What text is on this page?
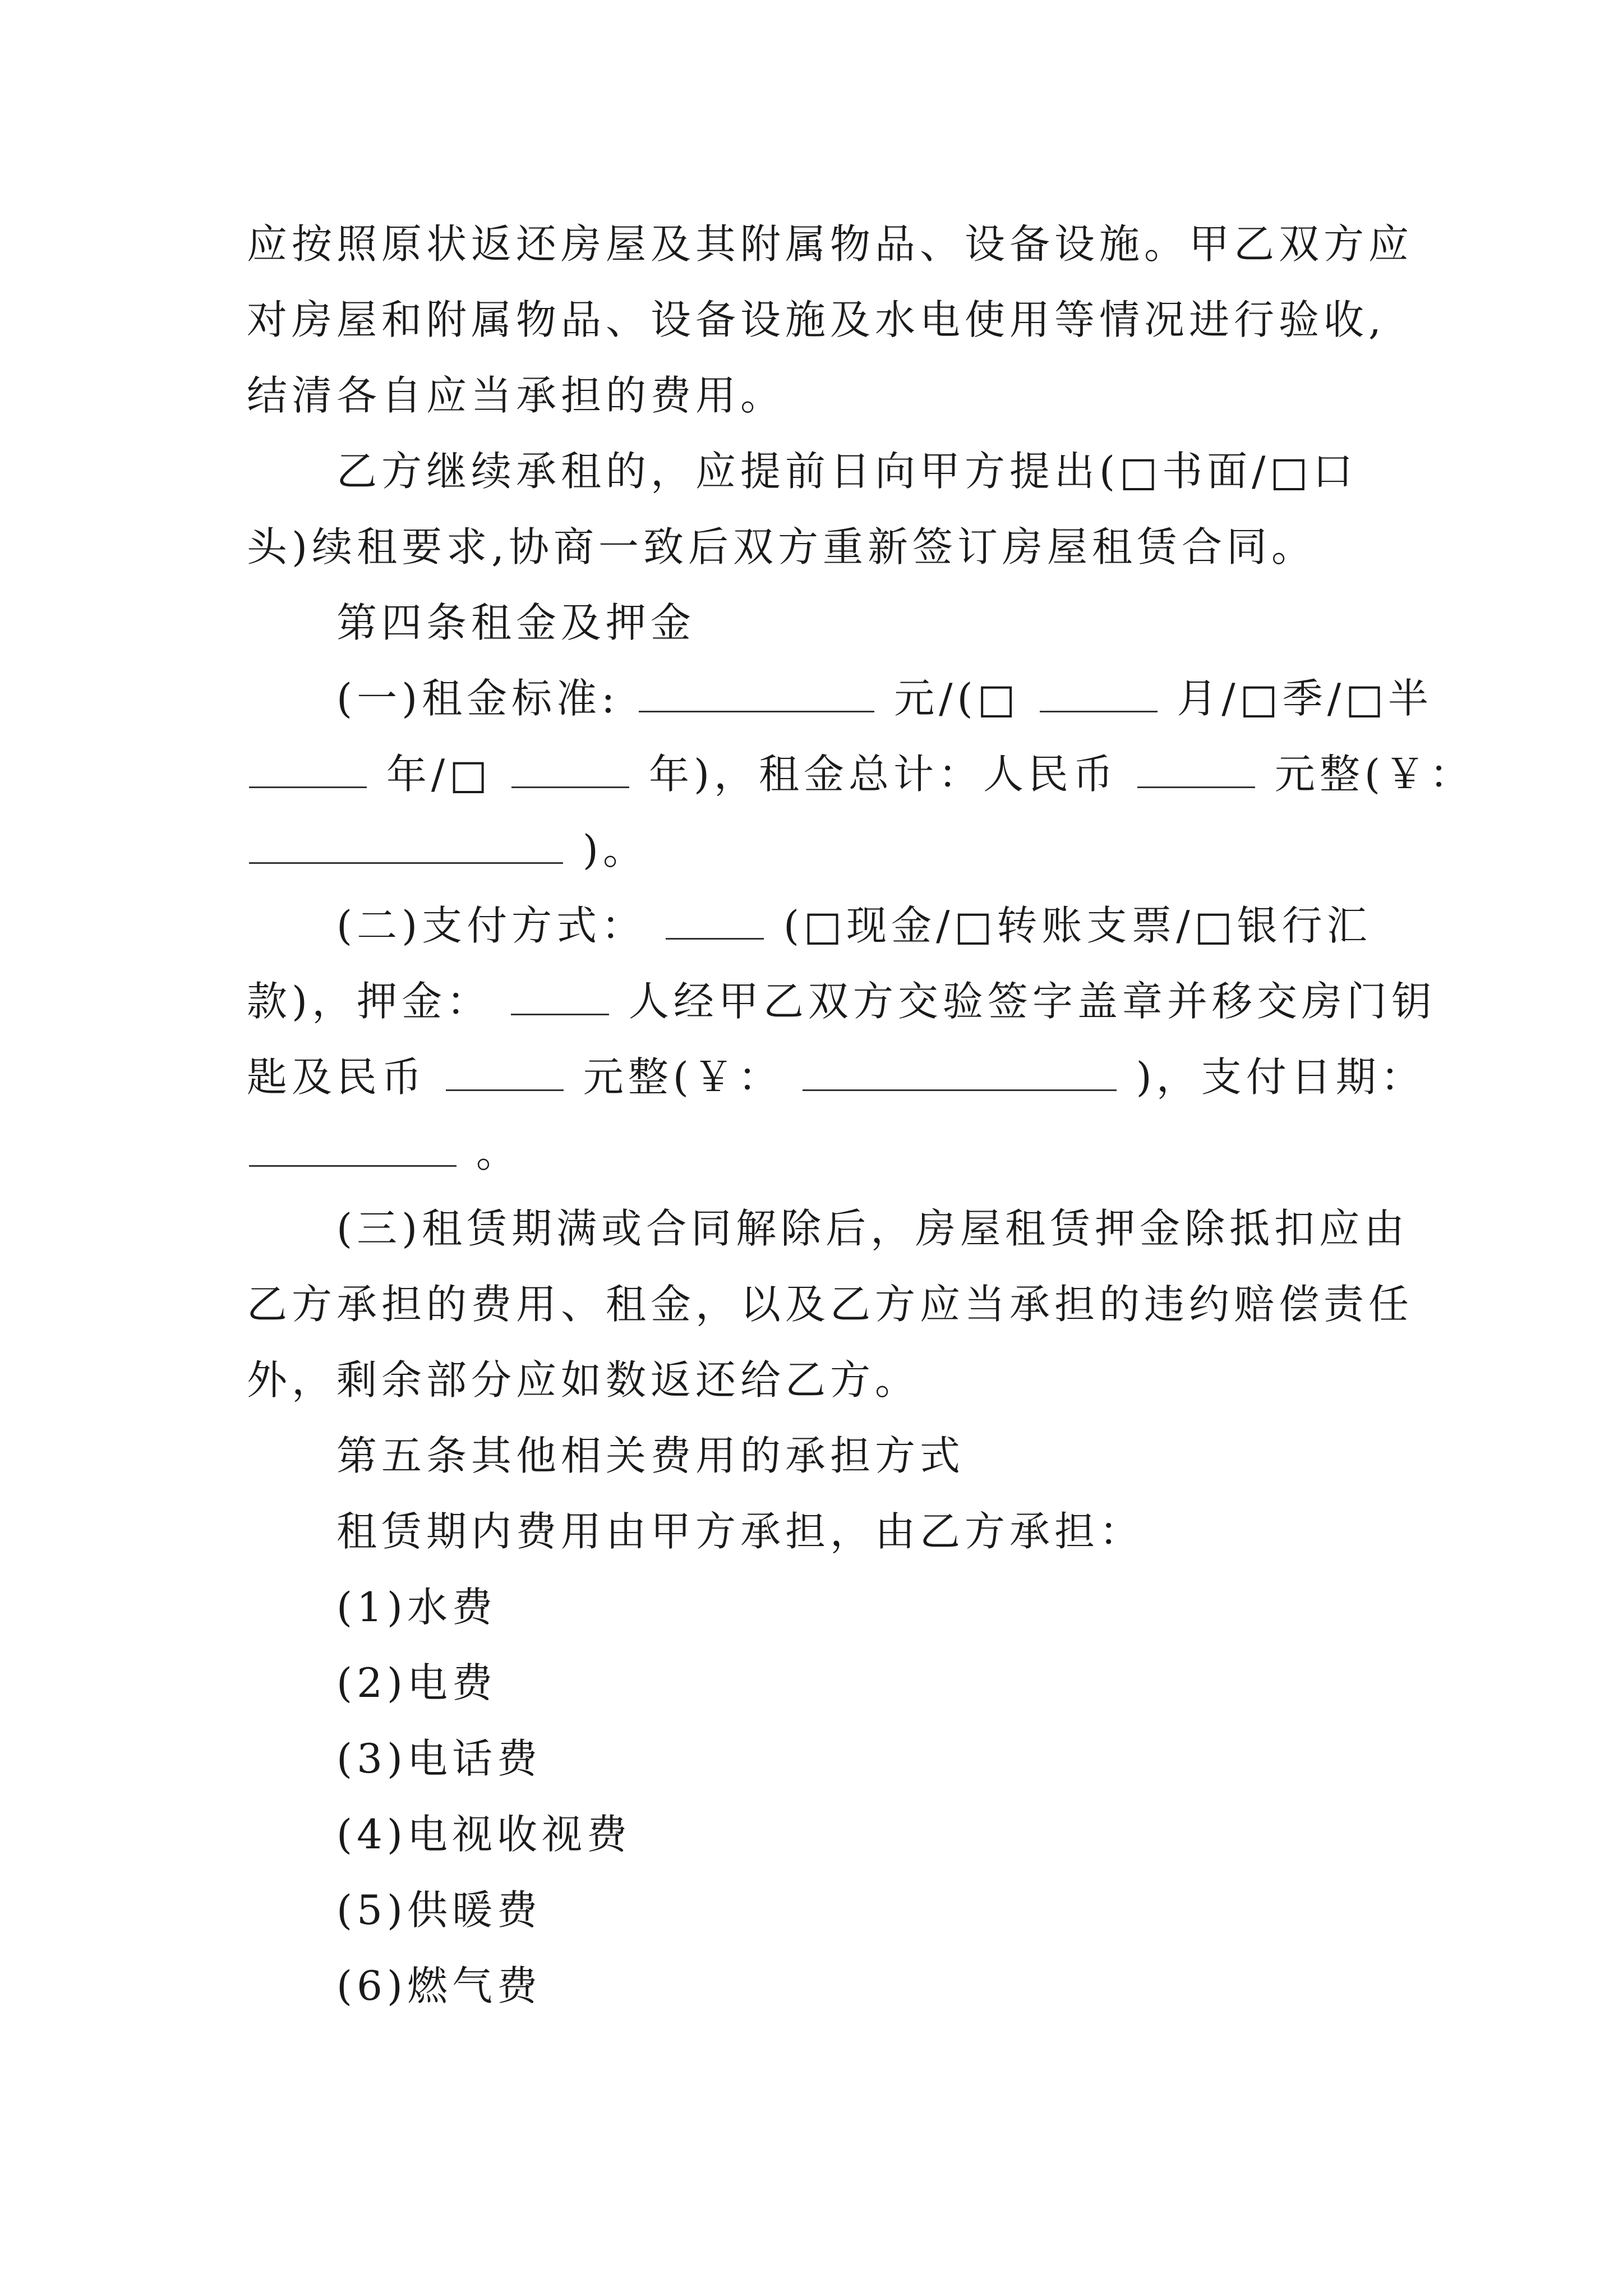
应按照原状返还房屋及其附属物品、设备设施。甲乙双方应
对房屋和附属物品、设备设施及水电使用等情况进行验收,
结清各自应当承担的费用。
乙方继续承租的，应提前日向甲方提出(□书面/□口
头)续租要求,协商一致后双方重新签订房屋租赁合同。
第四条租金及押金
(一)租金标准:	元/(□	月/□季/□半
年/□	年)，租金总计：人民币	元整(￥：
)。
(二)支付方式：	(□现金/□转账支票/□银行汇
款)，押金：	人经甲乙双方交验签字盖章并移交房门钥
匙及民币	元整(￥：	)，支付日期：
。
(三)租赁期满或合同解除后，房屋租赁押金除抵扣应由
乙方承担的费用、租金，以及乙方应当承担的违约赔偿责任
外，剩余部分应如数返还给乙方。
第五条其他相关费用的承担方式
租赁期内费用由甲方承担，由乙方承担：
(1)水费
(2)电费
(3)电话费
(4)电视收视费
(5)供暖费
(6)燃气费
